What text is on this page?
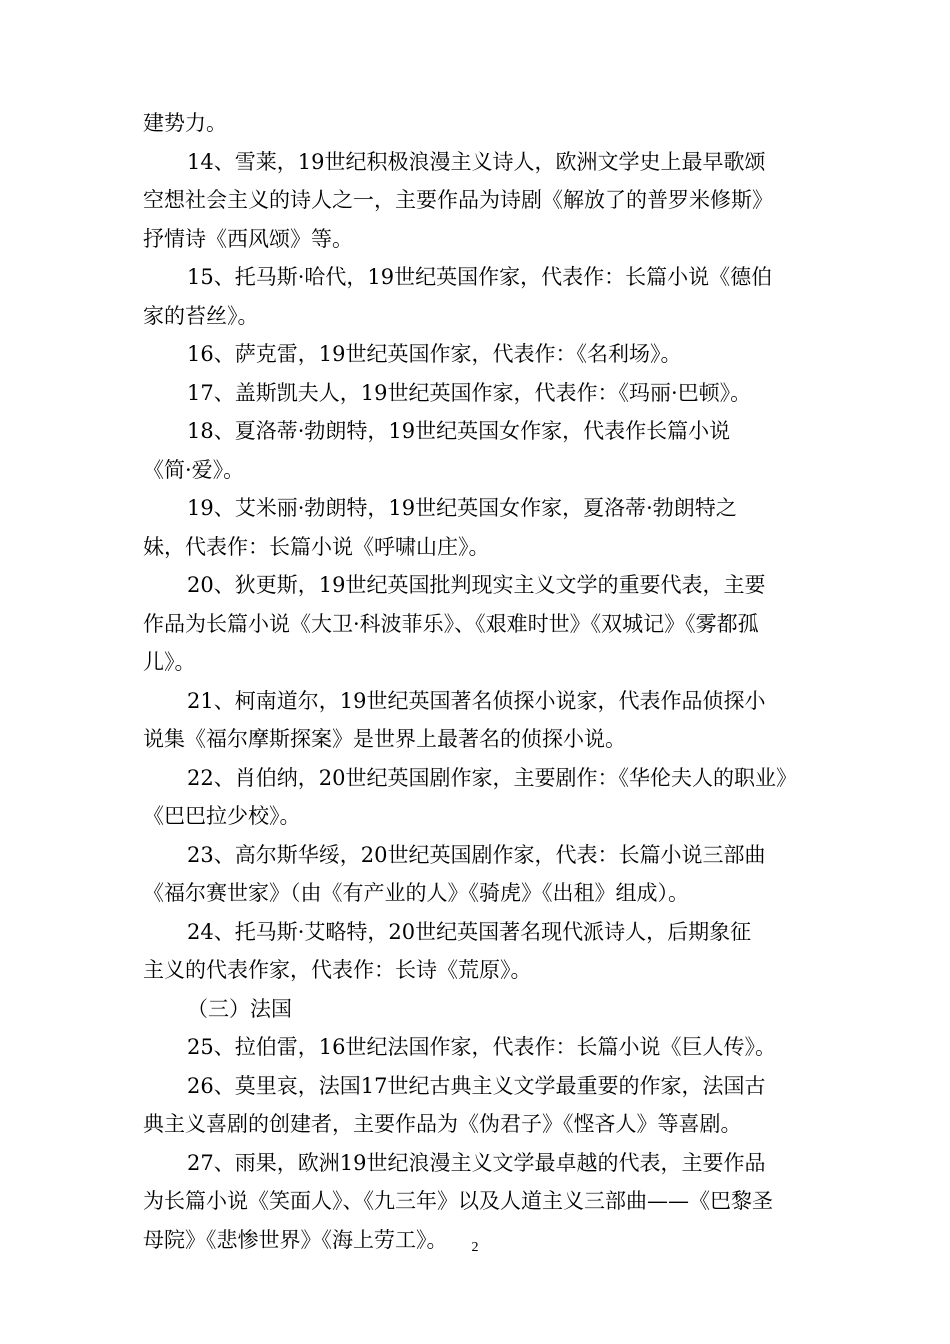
建势力。
14、雪莱，19世纪积极浪漫主义诗人，欧洲文学史上最早歌颂
空想社会主义的诗人之一，主要作品为诗剧《解放了的普罗米修斯》
抒情诗《西风颂》等。
15、托马斯·哈代，19世纪英国作家，代表作：长篇小说《德伯
家的苔丝》。
16、萨克雷，19世纪英国作家，代表作：《名利场》。
17、盖斯凯夫人，19世纪英国作家，代表作：《玛丽·巴顿》。
18、夏洛蒂·勃朗特，19世纪英国女作家，代表作长篇小说
《简·爱》。
19、艾米丽·勃朗特，19世纪英国女作家，夏洛蒂·勃朗特之
妹，代表作：长篇小说《呼啸山庄》。
20、狄更斯，19世纪英国批判现实主义文学的重要代表，主要
作品为长篇小说《大卫·科波菲乐》、《艰难时世》《双城记》《雾都孤
儿》。
21、柯南道尔，19世纪英国著名侦探小说家，代表作品侦探小
说集《福尔摩斯探案》是世界上最著名的侦探小说。
22、肖伯纳，20世纪英国剧作家，主要剧作：《华伦夫人的职业》
《巴巴拉少校》。
23、高尔斯华绥，20世纪英国剧作家，代表：长篇小说三部曲
《福尔赛世家》（由《有产业的人》《骑虎》《出租》组成）。
24、托马斯·艾略特，20世纪英国著名现代派诗人，后期象征
主义的代表作家，代表作：长诗《荒原》。
（三）法国
25、拉伯雷，16世纪法国作家，代表作：长篇小说《巨人传》。
26、莫里哀，法国17世纪古典主义文学最重要的作家，法国古
典主义喜剧的创建者，主要作品为《伪君子》《悭吝人》等喜剧。
27、雨果，欧洲19世纪浪漫主义文学最卓越的代表，主要作品
为长篇小说《笑面人》、《九三年》以及人道主义三部曲——《巴黎圣
母院》《悲惨世界》《海上劳工》。	2
